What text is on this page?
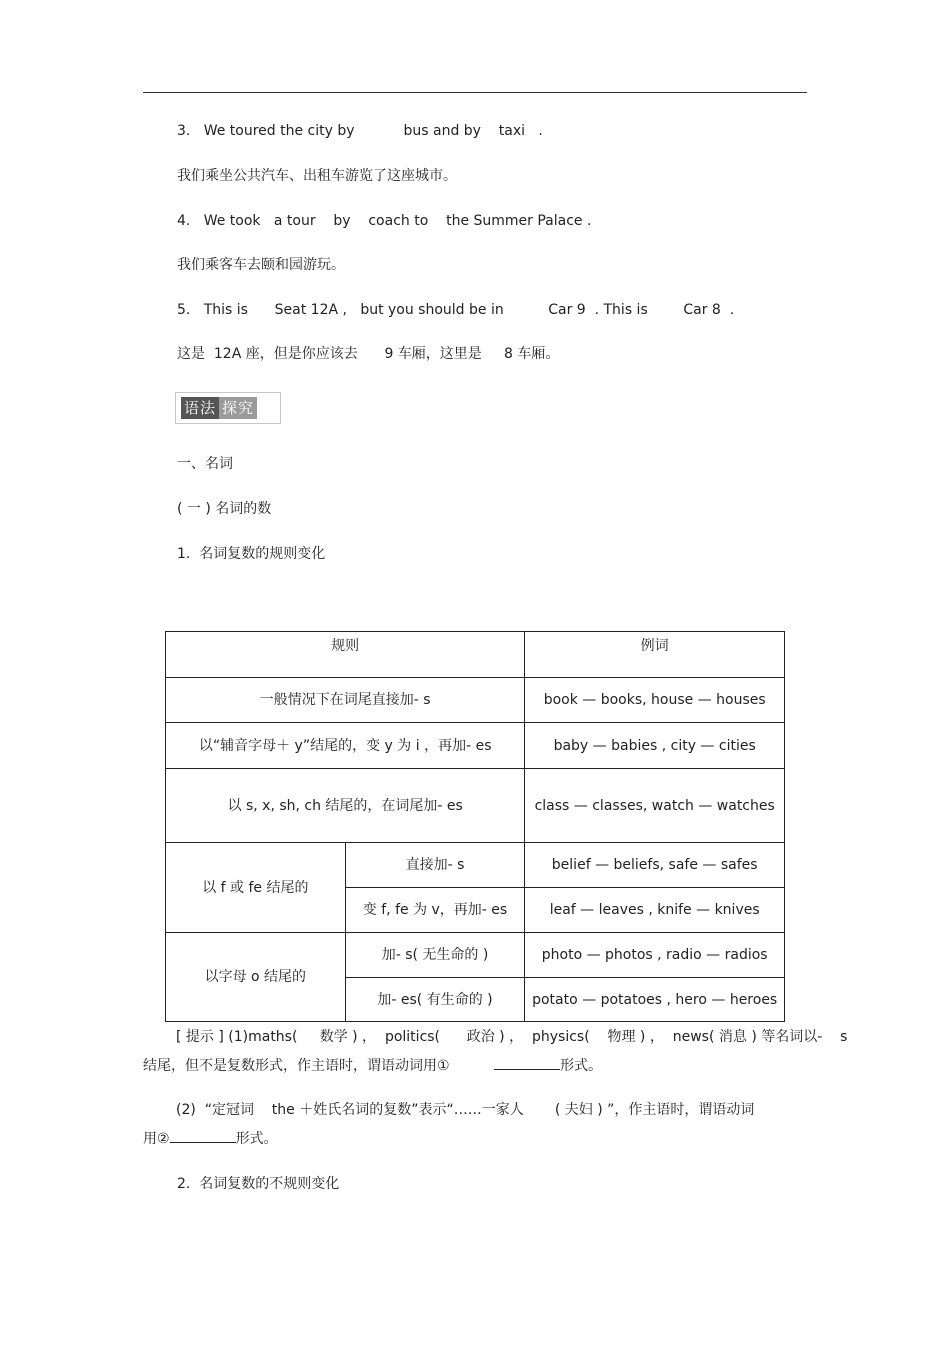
3.   We toured the city by           bus and by    taxi   .
我们乘坐公共汽车、出租车游览了这座城市。
4.   We took   a tour    by    coach to    the Summer Palace .
我们乘客车去颐和园游玩。
5.   This is      Seat 12A ,   but you should be in          Car 9  . This is        Car 8  .
这是  12A 座，但是你应该去      9 车厢，这里是     8 车厢。
语法 探究
一、名词
( 一 ) 名词的数
1.  名词复数的规则变化
规则		例词
一般情况下在词尾直接加- s		book — books, house — houses
以“辅音字母＋ y”结尾的，变 y 为 i ，再加- es		baby — babies , city — cities
以 s, x, sh, ch 结尾的，在词尾加- es		class — classes, watch — watches
以 f 或 fe 结尾的	直接加- s	belief — beliefs, safe — safes
	变 f, fe 为 v，再加- es	leaf — leaves , knife — knives
以字母 o 结尾的	加- s( 无生命的 )	photo — photos , radio — radios
	加- es( 有生命的 )	potato — potatoes , hero — heroes
[ 提示 ] (1)maths(     数学 ) ，  politics(      政治 ) ，  physics(    物理 ) ，  news( 消息 ) 等名词以-    s
结尾，但不是复数形式，作主语时，谓语动词用①	形式。
(2)  “定冠词    the ＋姓氏名词的复数”表示“……一家人       ( 夫妇 ) ”，作主语时，谓语动词
用②	形式。
2.  名词复数的不规则变化
